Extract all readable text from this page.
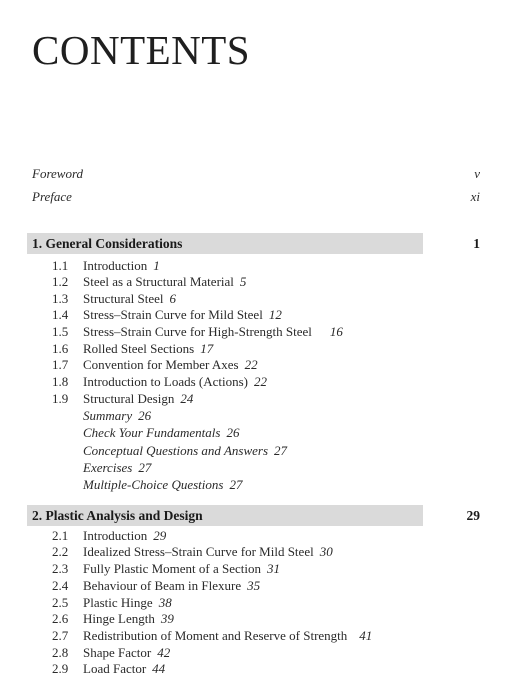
CONTENTS
Foreword	v
Preface	xi
1. General Considerations	1
1.1 Introduction 1
1.2 Steel as a Structural Material 5
1.3 Structural Steel 6
1.4 Stress–Strain Curve for Mild Steel 12
1.5 Stress–Strain Curve for High-Strength Steel 16
1.6 Rolled Steel Sections 17
1.7 Convention for Member Axes 22
1.8 Introduction to Loads (Actions) 22
1.9 Structural Design 24
Summary 26
Check Your Fundamentals 26
Conceptual Questions and Answers 27
Exercises 27
Multiple-Choice Questions 27
2. Plastic Analysis and Design	29
2.1 Introduction 29
2.2 Idealized Stress–Strain Curve for Mild Steel 30
2.3 Fully Plastic Moment of a Section 31
2.4 Behaviour of Beam in Flexure 35
2.5 Plastic Hinge 38
2.6 Hinge Length 39
2.7 Redistribution of Moment and Reserve of Strength 41
2.8 Shape Factor 42
2.9 Load Factor 44
